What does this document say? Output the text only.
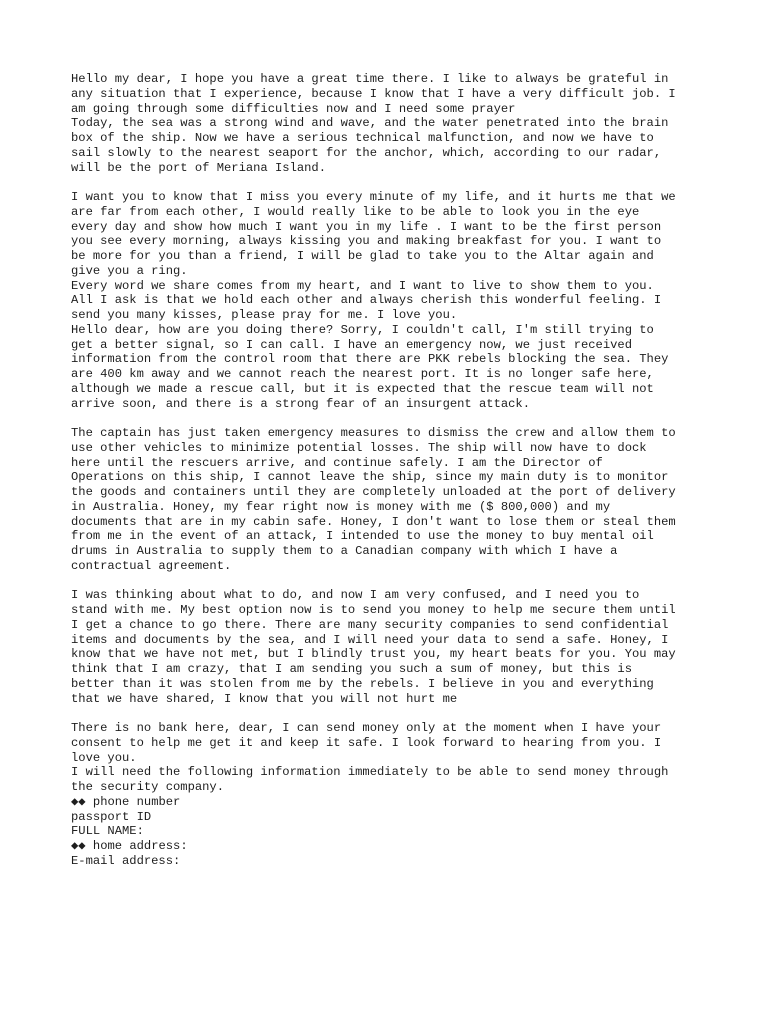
Hello my dear, I hope you have a great time there. I like to always be grateful in
any situation that I experience, because I know that I have a very difficult job. I
am going through some difficulties now and I need some prayer
Today, the sea was a strong wind and wave, and the water penetrated into the brain
box of the ship. Now we have a serious technical malfunction, and now we have to
sail slowly to the nearest seaport for the anchor, which, according to our radar,
will be the port of Meriana Island.
I want you to know that I miss you every minute of my life, and it hurts me that we
are far from each other, I would really like to be able to look you in the eye
every day and show how much I want you in my life . I want to be the first person
you see every morning, always kissing you and making breakfast for you. I want to
be more for you than a friend, I will be glad to take you to the Altar again and
give you a ring.
Every word we share comes from my heart, and I want to live to show them to you.
All I ask is that we hold each other and always cherish this wonderful feeling. I
send you many kisses, please pray for me. I love you.
Hello dear, how are you doing there? Sorry, I couldn't call, I'm still trying to
get a better signal, so I can call. I have an emergency now, we just received
information from the control room that there are PKK rebels blocking the sea. They
are 400 km away and we cannot reach the nearest port. It is no longer safe here,
although we made a rescue call, but it is expected that the rescue team will not
arrive soon, and there is a strong fear of an insurgent attack.
The captain has just taken emergency measures to dismiss the crew and allow them to
use other vehicles to minimize potential losses. The ship will now have to dock
here until the rescuers arrive, and continue safely. I am the Director of
Operations on this ship, I cannot leave the ship, since my main duty is to monitor
the goods and containers until they are completely unloaded at the port of delivery
in Australia. Honey, my fear right now is money with me ($ 800,000) and my
documents that are in my cabin safe. Honey, I don't want to lose them or steal them
from me in the event of an attack, I intended to use the money to buy mental oil
drums in Australia to supply them to a Canadian company with which I have a
contractual agreement.
I was thinking about what to do, and now I am very confused, and I need you to
stand with me. My best option now is to send you money to help me secure them until
I get a chance to go there. There are many security companies to send confidential
items and documents by the sea, and I will need your data to send a safe. Honey, I
know that we have not met, but I blindly trust you, my heart beats for you. You may
think that I am crazy, that I am sending you such a sum of money, but this is
better than it was stolen from me by the rebels. I believe in you and everything
that we have shared, I know that you will not hurt me
There is no bank here, dear, I can send money only at the moment when I have your
consent to help me get it and keep it safe. I look forward to hearing from you. I
love you.
I will need the following information immediately to be able to send money through
the security company.
◆◆ phone number
passport ID
FULL NAME:
◆◆ home address:
E-mail address:
